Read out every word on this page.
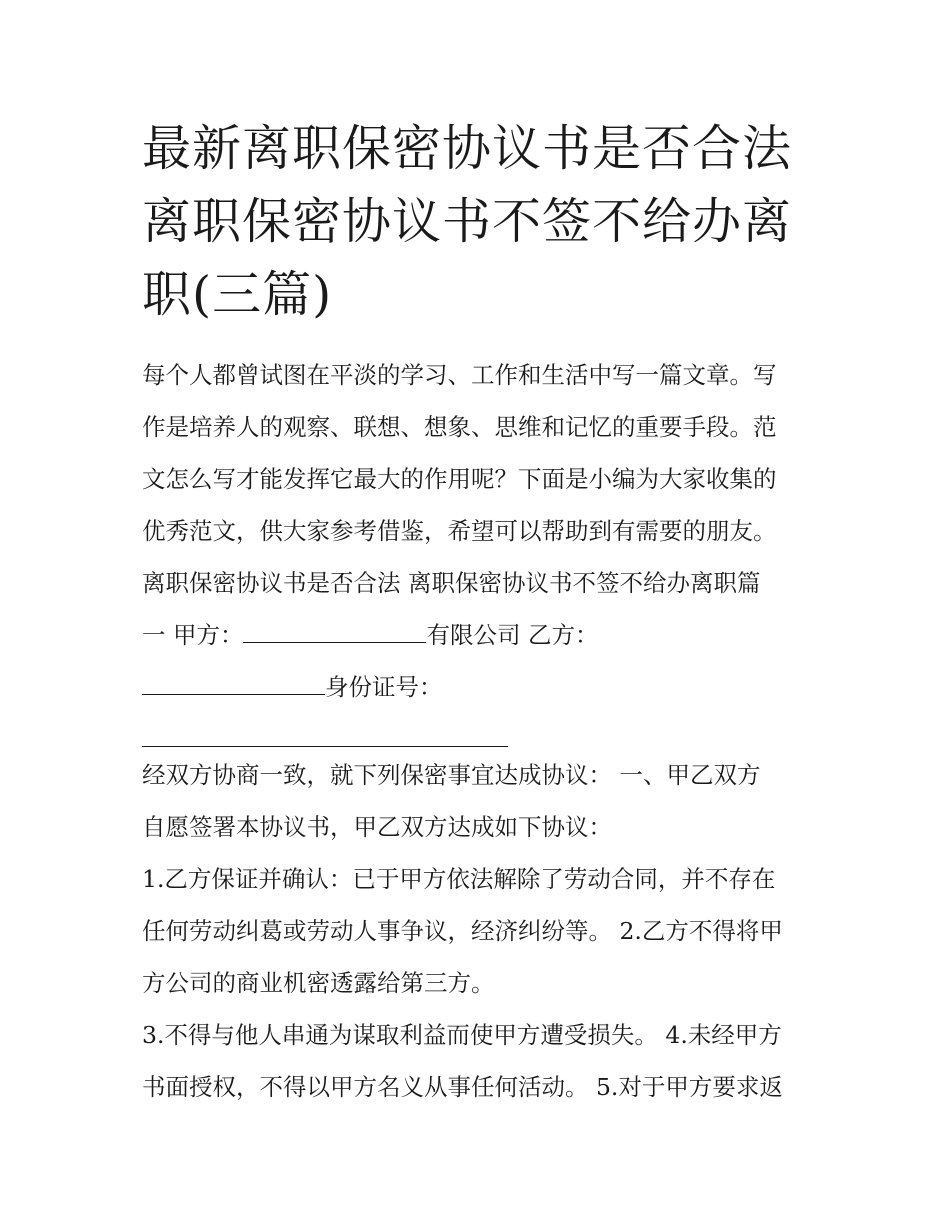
最新离职保密协议书是否合法
离职保密协议书不签不给办离
职(三篇)
每个人都曾试图在平淡的学习、工作和生活中写一篇文章。写
作是培养人的观察、联想、想象、思维和记忆的重要手段。范
文怎么写才能发挥它最大的作用呢？下面是小编为大家收集的
优秀范文，供大家参考借鉴，希望可以帮助到有需要的朋友。
离职保密协议书是否合法 离职保密协议书不签不给办离职篇
一 甲方：	有限公司 乙方：
身份证号：
经双方协商一致，就下列保密事宜达成协议： 一、甲乙双方
自愿签署本协议书，甲乙双方达成如下协议：
1.乙方保证并确认：已于甲方依法解除了劳动合同，并不存在
任何劳动纠葛或劳动人事争议，经济纠纷等。 2.乙方不得将甲
方公司的商业机密透露给第三方。
3.不得与他人串通为谋取利益而使甲方遭受损失。 4.未经甲方
书面授权，不得以甲方名义从事任何活动。 5.对于甲方要求返
